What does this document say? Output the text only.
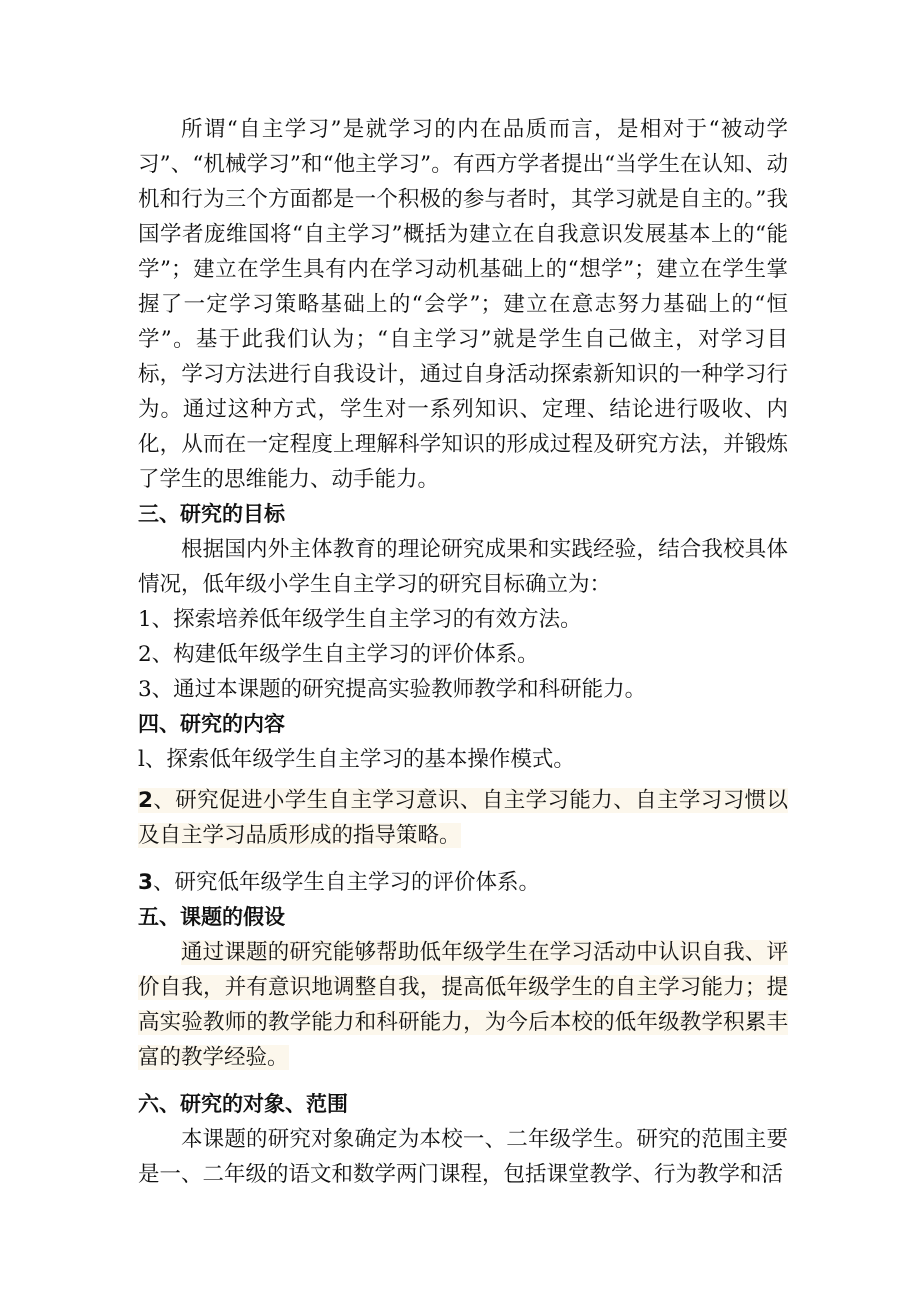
所谓“自主学习”是就学习的内在品质而言，是相对于“被动学习”、“机械学习”和“他主学习”。有西方学者提出“当学生在认知、动机和行为三个方面都是一个积极的参与者时，其学习就是自主的。”我国学者庞维国将“自主学习”概括为建立在自我意识发展基本上的“能学”；建立在学生具有内在学习动机基础上的“想学”；建立在学生掌握了一定学习策略基础上的“会学”；建立在意志努力基础上的“恒学”。基于此我们认为；“自主学习”就是学生自己做主，对学习目标，学习方法进行自我设计，通过自身活动探索新知识的一种学习行为。通过这种方式，学生对一系列知识、定理、结论进行吸收、内化，从而在一定程度上理解科学知识的形成过程及研究方法，并锻炼了学生的思维能力、动手能力。

三、研究的目标

根据国内外主体教育的理论研究成果和实践经验，结合我校具体情况，低年级小学生自主学习的研究目标确立为：

1、探索培养低年级学生自主学习的有效方法。

2、构建低年级学生自主学习的评价体系。

3、通过本课题的研究提高实验教师教学和科研能力。

四、研究的内容

l、探索低年级学生自主学习的基本操作模式。

2、研究促进小学生自主学习意识、自主学习能力、自主学习习惯以及自主学习品质形成的指导策略。

3、研究低年级学生自主学习的评价体系。

五、课题的假设

通过课题的研究能够帮助低年级学生在学习活动中认识自我、评价自我，并有意识地调整自我，提高低年级学生的自主学习能力；提高实验教师的教学能力和科研能力，为今后本校的低年级教学积累丰富的教学经验。

六、研究的对象、范围

本课题的研究对象确定为本校一、二年级学生。研究的范围主要是一、二年级的语文和数学两门课程，包括课堂教学、行为教学和活
